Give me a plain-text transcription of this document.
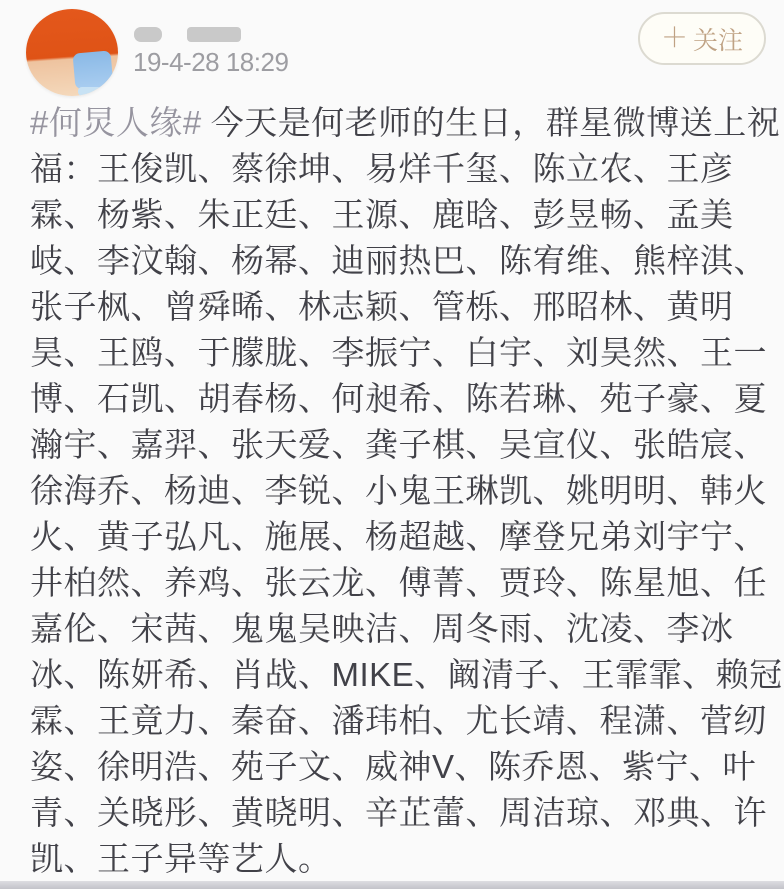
19-4-28 18:29
＋ 关注
#何炅人缘# 今天是何老师的生日，群星微博送上祝
福：王俊凯、蔡徐坤、易烊千玺、陈立农、王彦
霖、杨紫、朱正廷、王源、鹿晗、彭昱畅、孟美
岐、李汶翰、杨幂、迪丽热巴、陈宥维、熊梓淇、
张子枫、曾舜晞、林志颖、管栎、邢昭林、黄明
昊、王鸥、于朦胧、李振宁、白宇、刘昊然、王一
博、石凯、胡春杨、何昶希、陈若琳、苑子豪、夏
瀚宇、嘉羿、张天爱、龚子棋、吴宣仪、张皓宸、
徐海乔、杨迪、李锐、小鬼王琳凯、姚明明、韩火
火、黄子弘凡、施展、杨超越、摩登兄弟刘宇宁、
井柏然、养鸡、张云龙、傅菁、贾玲、陈星旭、任
嘉伦、宋茜、鬼鬼吴映洁、周冬雨、沈凌、李冰
冰、陈妍希、肖战、MIKE、阚清子、王霏霏、赖冠
霖、王竟力、秦奋、潘玮柏、尤长靖、程潇、菅纫
姿、徐明浩、苑子文、威神V、陈乔恩、紫宁、叶
青、关晓彤、黄晓明、辛芷蕾、周洁琼、邓典、许
凯、王子异等艺人。
